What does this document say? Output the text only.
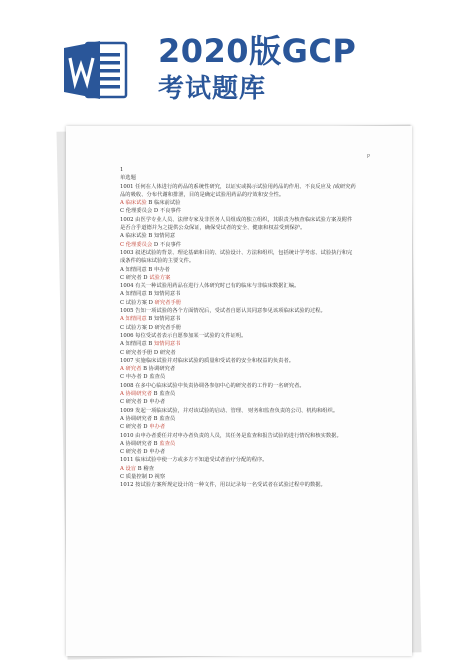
2020版GCP
考试题库
P
1
单选题
1001 任何在人体进行的药品的系统性研究，以证实或揭示试验用药品的作用、不良反应及 /或研究药
品的吸收、分布代谢和排泄，目的是确定试验用药品的疗效和安全性。
A 临床试验 B 临床前试验
C 伦理委员会 D 不良事件
1002 由医学专业人员、法律专家及非医务人员组成的独立组织，其职责为核查临床试验方案及附件
是否合乎道德并为之提供公众保证，确保受试者的安全、健康和权益受到保护。
A 临床试验 B 知情同意
C 伦理委员会 D 不良事件
1003 叙述试验的背景、理论基础和目的、试验设计、方法和组织，包括统计学考虑、试验执行和完
成条件的临床试验的主要文件。
A 知情同意 B 申办者
C 研究者 D 试验方案
1004 有关一种试验用药品在进行人体研究时已有的临床与非临床数据汇编。
A 知情同意 B 知情同意书
C 试验方案 D 研究者手册
1005 告知一项试验的各个方面情况后，受试者自愿认其同意参见该项临床试验的过程。
A 知情同意 B 知情同意书
C 试验方案 D 研究者手册
1006 每位受试者表示自愿参加某一试验的文件证明。
A 知情同意 B 知情同意书
C 研究者手册 D 研究者
1007 实施临床试验并对临床试验的质量和受试者的安全和权益的负责者。
A 研究者 B 协调研究者
C 申办者 D 监查员
1008 在多中心临床试验中负责协调各参加中心的研究者的工作的一名研究者。
A 协调研究者 B 监查员
C 研究者 D 申办者
1009 发起一项临床试验，并对该试验的启动、管理、 财务和监查负责的公司、机构和组织。
A 协调研究者 B 监查员
C 研究者 D 申办者
1010 由申办者委任并对申办者负责的人员，其任务是监查和报告试验的进行情况和核实数据。
A 协调研究者 B 监查员
C 研究者 D 申办者
1011 临床试验中使一方或多方不知道受试者治疗分配的程序。
A 设盲 B 稽查
C 质量控制 D 视察
1012 按试验方案所规定设计的一种文件，用以记录每一名受试者在试验过程中的数据。
